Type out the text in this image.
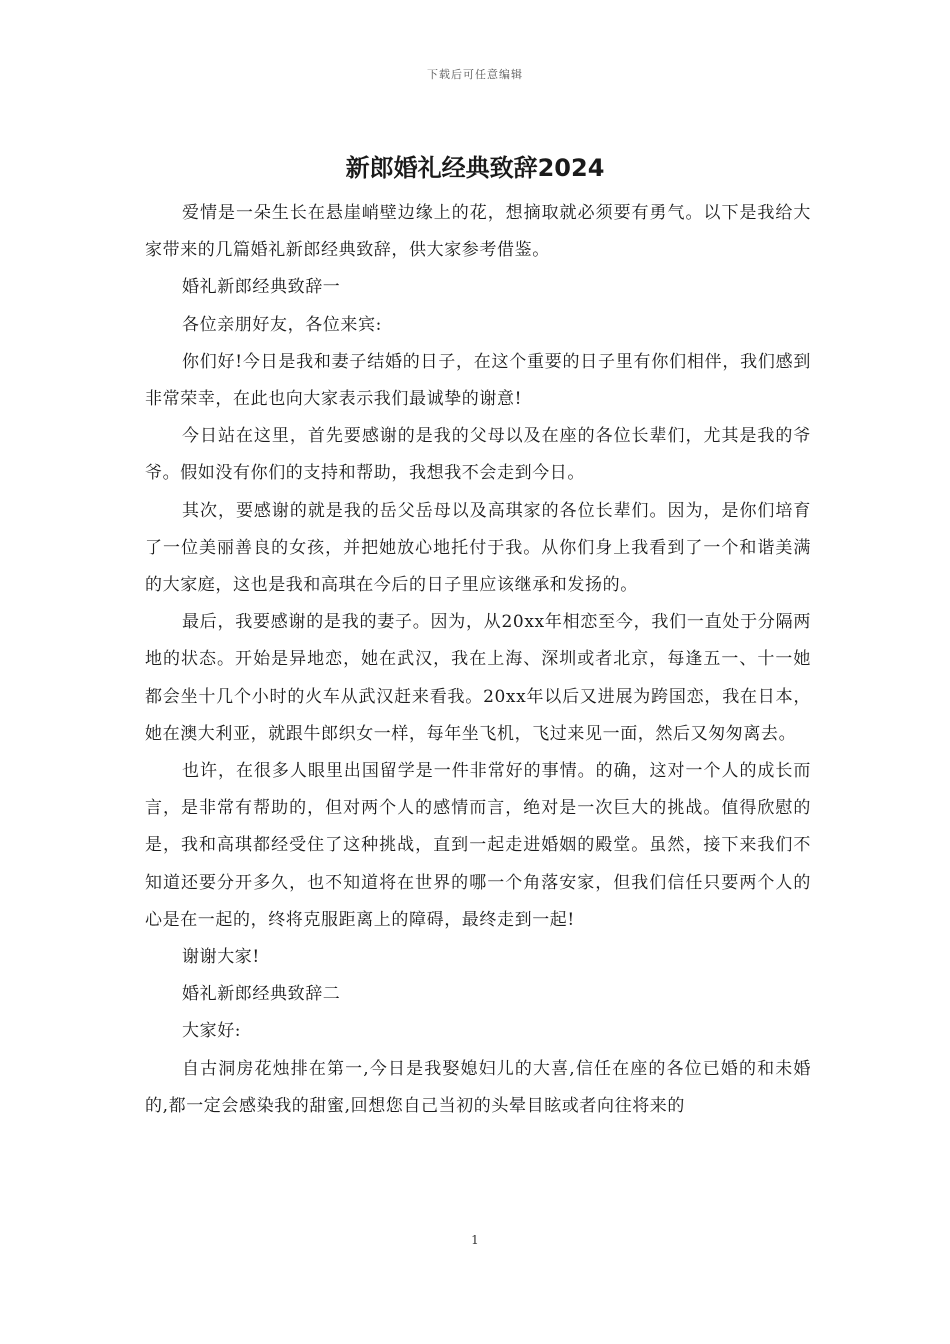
下载后可任意编辑
新郎婚礼经典致辞2024

爱情是一朵生长在悬崖峭壁边缘上的花，想摘取就必须要有勇气。以下是我给大家带来的几篇婚礼新郎经典致辞，供大家参考借鉴。

婚礼新郎经典致辞一

各位亲朋好友，各位来宾:

你们好!今日是我和妻子结婚的日子，在这个重要的日子里有你们相伴，我们感到非常荣幸，在此也向大家表示我们最诚挚的谢意!

今日站在这里，首先要感谢的是我的父母以及在座的各位长辈们，尤其是我的爷爷。假如没有你们的支持和帮助，我想我不会走到今日。

其次，要感谢的就是我的岳父岳母以及高琪家的各位长辈们。因为，是你们培育了一位美丽善良的女孩，并把她放心地托付于我。从你们身上我看到了一个和谐美满的大家庭，这也是我和高琪在今后的日子里应该继承和发扬的。

最后，我要感谢的是我的妻子。因为，从20xx年相恋至今，我们一直处于分隔两地的状态。开始是异地恋，她在武汉，我在上海、深圳或者北京，每逢五一、十一她都会坐十几个小时的火车从武汉赶来看我。20xx年以后又进展为跨国恋，我在日本，她在澳大利亚，就跟牛郎织女一样，每年坐飞机，飞过来见一面，然后又匆匆离去。

也许，在很多人眼里出国留学是一件非常好的事情。的确，这对一个人的成长而言，是非常有帮助的，但对两个人的感情而言，绝对是一次巨大的挑战。值得欣慰的是，我和高琪都经受住了这种挑战，直到一起走进婚姻的殿堂。虽然，接下来我们不知道还要分开多久，也不知道将在世界的哪一个角落安家，但我们信任只要两个人的心是在一起的，终将克服距离上的障碍，最终走到一起!

谢谢大家!

婚礼新郎经典致辞二

大家好:

自古洞房花烛排在第一,今日是我娶媳妇儿的大喜,信任在座的各位已婚的和未婚的,都一定会感染我的甜蜜,回想您自己当初的头晕目眩或者向往将来的

1
